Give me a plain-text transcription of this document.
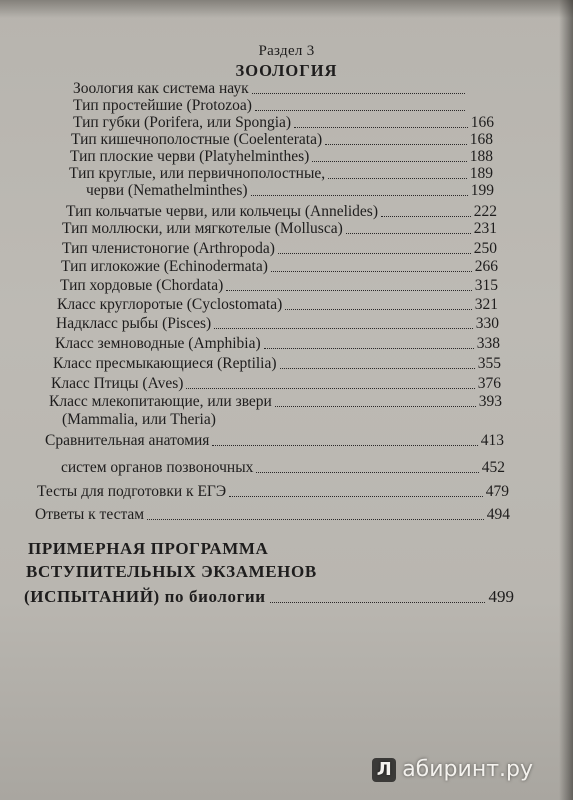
Раздел 3
ЗООЛОГИЯ
Зоология как система наук
Тип простейшие (Protozoa)
Тип губки (Porifera, или Spongia)	166
Тип кишечнополостные (Coelenterata)	168
Тип плоские черви (Platyhelminthes)	188
Тип круглые, или первичнополостные,	189
черви (Nemathelminthes)	199
Тип кольчатые черви, или кольчецы (Annelides)	222
Тип моллюски, или мягкотелые (Mollusca)	231
Тип членистоногие (Arthropoda)	250
Тип иглокожие (Echinodermata)	266
Тип хордовые (Chordata)	315
Класс круглоротые (Cyclostomata)	321
Надкласс рыбы (Pisces)	330
Класс земноводные (Amphibia)	338
Класс пресмыкающиеся (Reptilia)	355
Класс Птицы (Aves)	376
Класс млекопитающие, или звери	393
(Mammalia, или Theria)
Сравнительная анатомия	413
систем органов позвоночных	452
Тесты для подготовки к ЕГЭ	479
Ответы к тестам	494
ПРИМЕРНАЯ ПРОГРАММА
ВСТУПИТЕЛЬНЫХ ЭКЗАМЕНОВ
(ИСПЫТАНИЙ) по биологии	499
Л абиринт.ру
